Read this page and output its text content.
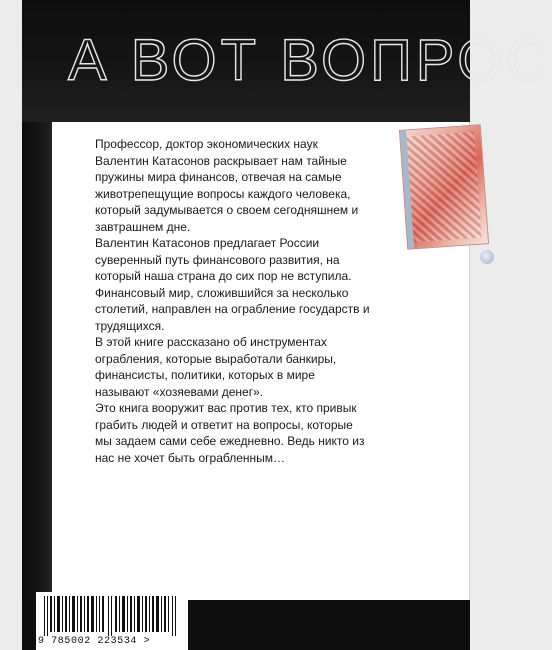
А ВОТ ВОПРОС

Профессор, доктор экономических наук Валентин Катасонов раскрывает нам тайные пружины мира финансов, отвечая на самые животрепещущие вопросы каждого человека, который задумывается о своем сегодняшнем и завтрашнем дне.

Валентин Катасонов предлагает России суверенный путь финансового развития, на который наша страна до сих пор не вступила. Финансовый мир, сложившийся за несколько столетий, направлен на ограбление государств и трудящихся.

В этой книге рассказано об инструментах ограбления, которые выработали банкиры, финансисты, политики, которых в мире называют «хозяевами денег».

Это книга вооружит вас против тех, кто привык грабить людей и ответит на вопросы, которые мы задаем сами себе ежедневно. Ведь никто из нас не хочет быть ограбленным…

9 785002 223534 >
